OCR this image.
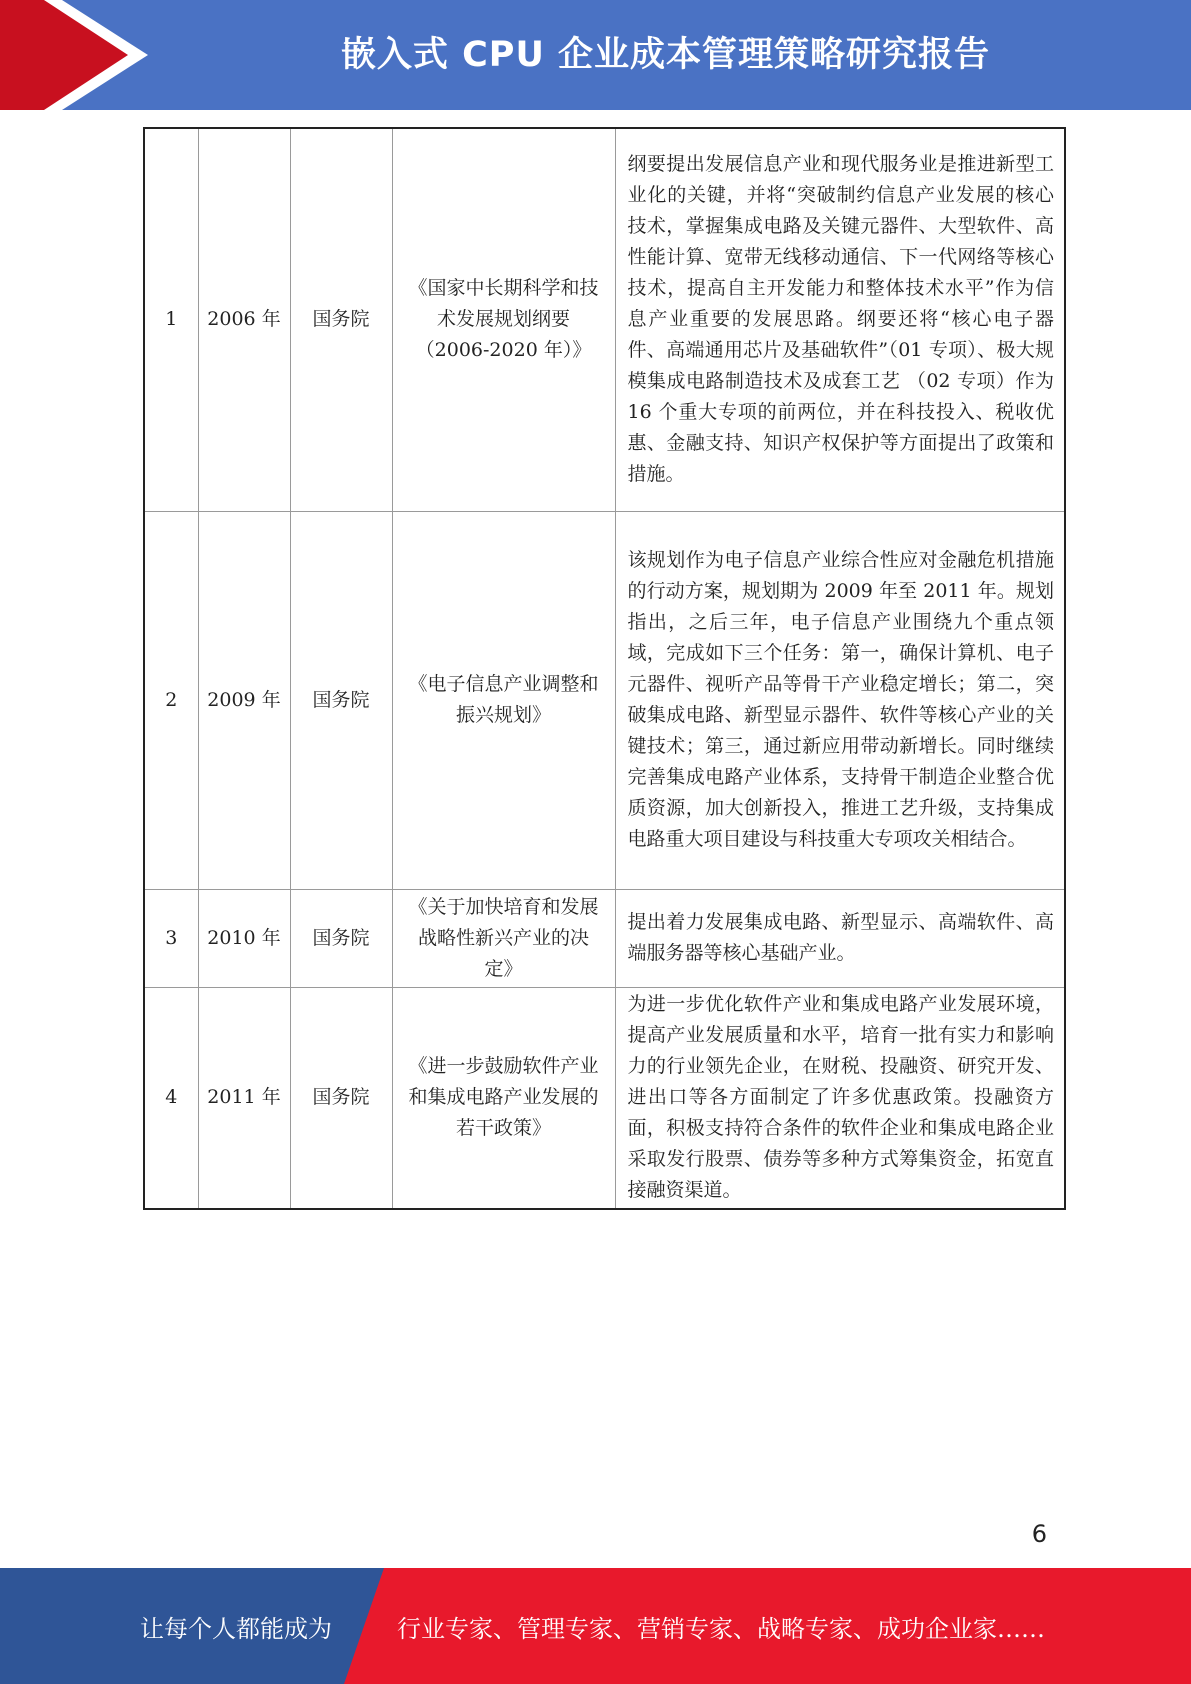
嵌入式 CPU 企业成本管理策略研究报告
1	2006 年	国务院	《国家中长期科学和技术发展规划纲要（2006-2020 年）》	纲要提出发展信息产业和现代服务业是推进新型工业化的关键，并将“突破制约信息产业发展的核心技术，掌握集成电路及关键元器件、大型软件、高性能计算、宽带无线移动通信、下一代网络等核心技术，提高自主开发能力和整体技术水平”作为信息产业重要的发展思路。纲要还将“核心电子器件、高端通用芯片及基础软件”（01 专项）、极大规模集成电路制造技术及成套工艺 （02 专项）作为 16 个重大专项的前两位，并在科技投入、税收优惠、金融支持、知识产权保护等方面提出了政策和措施。
2	2009 年	国务院	《电子信息产业调整和振兴规划》	该规划作为电子信息产业综合性应对金融危机措施的行动方案，规划期为 2009 年至 2011 年。规划指出，之后三年，电子信息产业围绕九个重点领域，完成如下三个任务：第一，确保计算机、电子元器件、视听产品等骨干产业稳定增长；第二，突破集成电路、新型显示器件、软件等核心产业的关键技术；第三，通过新应用带动新增长。同时继续完善集成电路产业体系，支持骨干制造企业整合优质资源，加大创新投入，推进工艺升级，支持集成电路重大项目建设与科技重大专项攻关相结合。
3	2010 年	国务院	《关于加快培育和发展战略性新兴产业的决定》	提出着力发展集成电路、新型显示、高端软件、高端服务器等核心基础产业。
4	2011 年	国务院	《进一步鼓励软件产业和集成电路产业发展的若干政策》	为进一步优化软件产业和集成电路产业发展环境，提高产业发展质量和水平，培育一批有实力和影响力的行业领先企业，在财税、投融资、研究开发、进出口等各方面制定了许多优惠政策。投融资方面，积极支持符合条件的软件企业和集成电路企业采取发行股票、债券等多种方式筹集资金，拓宽直接融资渠道。
6
让每个人都能成为	行业专家、管理专家、营销专家、战略专家、成功企业家……
